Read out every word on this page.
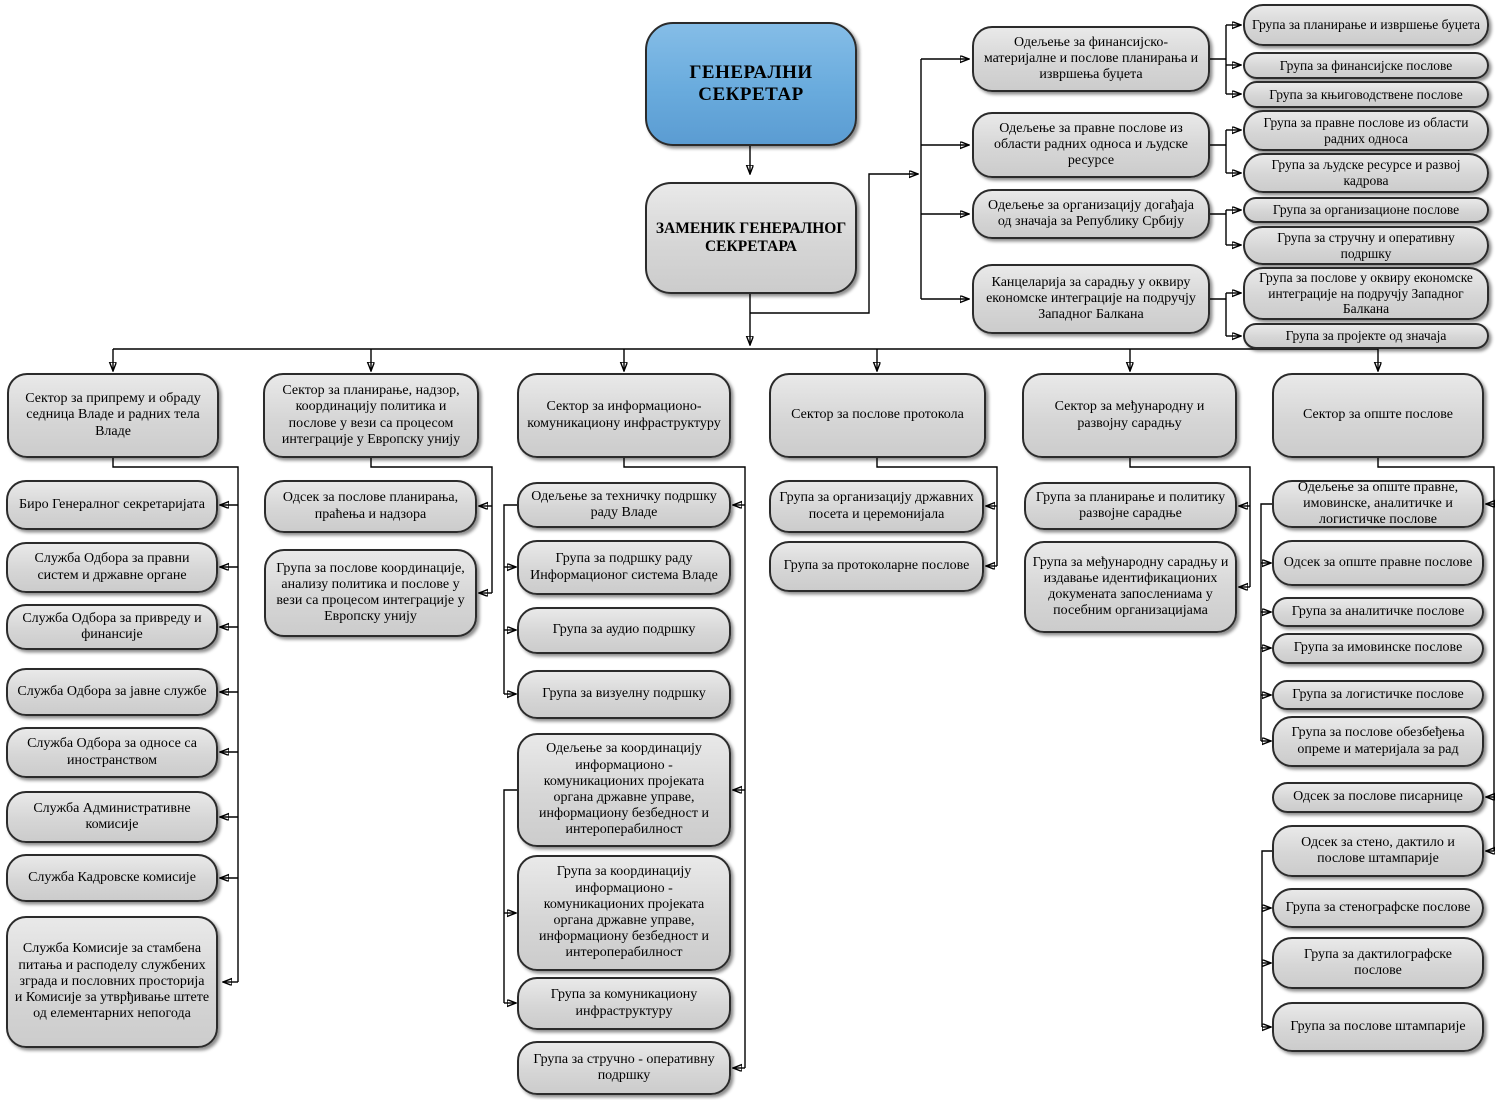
ГЕНЕРАЛНИ СЕКРЕТАР
ЗАМЕНИК ГЕНЕРАЛНОГ СЕКРЕТАРА
Одељење за финансијско-материјалне и послове планирања и извршења буџета
Одељење за правне послове из области радних односа и људске ресурсе
Одељење за организацију догађаја од значаја за Републику Србију
Канцеларија за сарадњу у оквиру економске интеграције на подручју Западног Балкана
Група за планирање и извршење буџета
Група за финансијске послове
Група за књиговодствене послове
Група за правне послове из области радних односа
Група за људске ресурсе и развој кадрова
Група за организационе послове
Група за стручну и оперативну подршку
Група за послове у оквиру економске интеграције на подручју Западног Балкана
Група за пројекте од значаја
Сектор за припрему и обраду седница Владе и радних тела Владе
Сектор за планирање, надзор, координацију политика и послове у вези са процесом интеграције у Европску унију
Сектор за информационо-комуникациону инфраструктуру
Сектор за послове протокола
Сектор за међународну и развојну сарадњу
Сектор за опште послове
Биро Генералног секретаријата
Служба Одбора за правни систем и државне органе
Служба Одбора за привреду и финансије
Служба Одбора за јавне службе
Служба Одбора за односе са иностранством
Служба Административне комисије
Служба Кадровске комисије
Служба Комисије за стамбена питања и расподелу службених зграда и пословних просторија и Комисије за утврђивање штете од елементарних непогода
Одсек за послове планирања, праћења и надзора
Група за послове координације, анализу политика и послове у вези са процесом интеграције у Европску унију
Одељење за техничку подршку раду Владе
Група за подршку раду Информационог система Владе
Група за аудио подршку
Група за визуелну подршку
Одељење за координацију информационо - комуникационих пројеката органа државне управе, информациону безбедност и интероперабилност
Група за координацију информационо - комуникационих пројеката органа државне управе, информациону безбедност и интероперабилност
Група за комуникациону инфраструктуру
Група за стручно - оперативну подршку
Група за организацију државних посета и церемонијала
Група за протоколарне послове
Група за планирање и политику развојне сарадње
Група за међународну сарадњу и издавање идентификационих докумената запослениама у посебним организацијама
Одељење за опште правне, имовинске, аналитичке и логистичке послове
Одсек за опште правне послове
Група за аналитичке послове
Група за имовинске послове
Група за логистичке послове
Група за послове обезбеђења опреме и материјала за рад
Одсек за послове писарнице
Одсек за стено, дактило и послове штампарије
Група за стенографске послове
Група за дактилографске послове
Група за послове штампарије
